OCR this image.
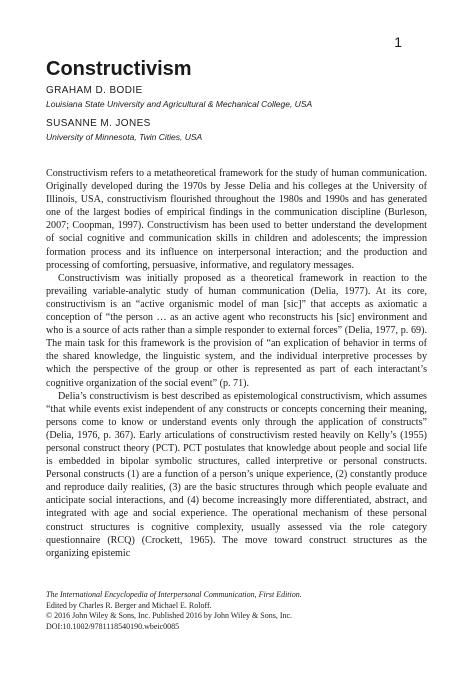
1
Constructivism
GRAHAM D. BODIE
Louisiana State University and Agricultural & Mechanical College, USA
SUSANNE M. JONES
University of Minnesota, Twin Cities, USA

Constructivism refers to a metatheoretical framework for the study of human communication. Originally developed during the 1970s by Jesse Delia and his colleges at the University of Illinois, USA, constructivism flourished throughout the 1980s and 1990s and has generated one of the largest bodies of empirical findings in the communication discipline (Burleson, 2007; Coopman, 1997). Constructivism has been used to better understand the development of social cognitive and communication skills in children and adolescents; the impression formation process and its influence on interpersonal interaction; and the production and processing of comforting, persuasive, informative, and regulatory messages.

Constructivism was initially proposed as a theoretical framework in reaction to the prevailing variable-analytic study of human communication (Delia, 1977). At its core, constructivism is an “active organismic model of man [sic]” that accepts as axiomatic a conception of “the person … as an active agent who reconstructs his [sic] environment and who is a source of acts rather than a simple responder to external forces” (Delia, 1977, p. 69). The main task for this framework is the provision of “an explication of behavior in terms of the shared knowledge, the linguistic system, and the individual interpretive processes by which the perspective of the group or other is represented as part of each interactant’s cognitive organization of the social event” (p. 71).

Delia’s constructivism is best described as epistemological constructivism, which assumes “that while events exist independent of any constructs or concepts concerning their meaning, persons come to know or understand events only through the application of constructs” (Delia, 1976, p. 367). Early articulations of constructivism rested heavily on Kelly’s (1955) personal construct theory (PCT). PCT postulates that knowledge about people and social life is embedded in bipolar symbolic structures, called interpretive or personal constructs. Personal constructs (1) are a function of a person’s unique experience, (2) constantly produce and reproduce daily realities, (3) are the basic structures through which people evaluate and anticipate social interactions, and (4) become increasingly more differentiated, abstract, and integrated with age and social experience. The operational mechanism of these personal construct structures is cognitive complexity, usually assessed via the role category questionnaire (RCQ) (Crockett, 1965). The move toward construct structures as the organizing epistemic

The International Encyclopedia of Interpersonal Communication, First Edition.
Edited by Charles R. Berger and Michael E. Roloff.
© 2016 John Wiley & Sons, Inc. Published 2016 by John Wiley & Sons, Inc.
DOI:10.1002/9781118540190.wbeic0085
